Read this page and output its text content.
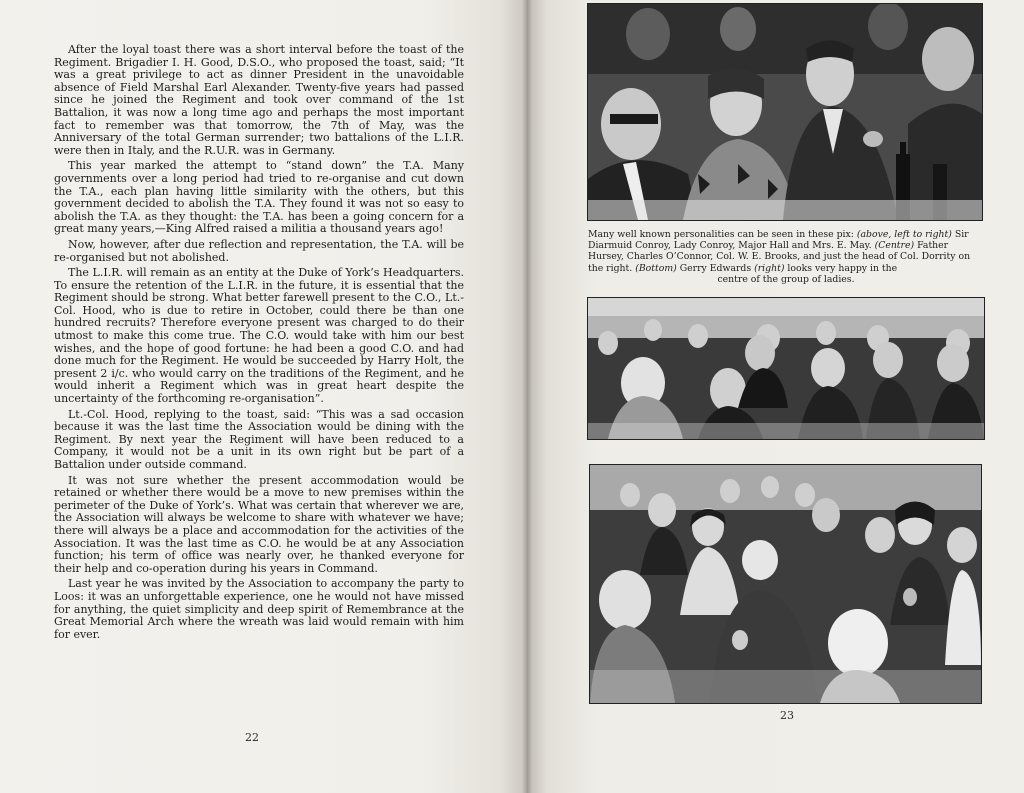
After the loyal toast there was a short interval before the toast of the Regiment. Brigadier I. H. Good, D.S.O., who proposed the toast, said; “It was a great privilege to act as dinner President in the unavoidable absence of Field Marshal Earl Alexander. Twenty-five years had passed since he joined the Regiment and took over command of the 1st Battalion, it was now a long time ago and perhaps the most important fact to remember was that tomorrow, the 7th of May, was the Anniversary of the total German surrender; two battalions of the L.I.R. were then in Italy, and the R.U.R. was in Germany.

This year marked the attempt to “stand down” the T.A. Many governments over a long period had tried to re-organise and cut down the T.A., each plan having little similarity with the others, but this government decided to abolish the T.A. They found it was not so easy to abolish the T.A. as they thought: the T.A. has been a going concern for a great many years,—King Alfred raised a militia a thousand years ago!

Now, however, after due reflection and representation, the T.A. will be re-organised but not abolished.

The L.I.R. will remain as an entity at the Duke of York’s Headquarters. To ensure the retention of the L.I.R. in the future, it is essential that the Regiment should be strong. What better farewell present to the C.O., Lt.-Col. Hood, who is due to retire in October, could there be than one hundred recruits? Therefore everyone present was charged to do their utmost to make this come true. The C.O. would take with him our best wishes, and the hope of good fortune: he had been a good C.O. and had done much for the Regiment. He would be succeeded by Harry Holt, the present 2 i/c. who would carry on the traditions of the Regiment, and he would inherit a Regiment which was in great heart despite the uncertainty of the forthcoming re-organisation”.

Lt.-Col. Hood, replying to the toast, said: “This was a sad occasion because it was the last time the Association would be dining with the Regiment. By next year the Regiment will have been reduced to a Company, it would not be a unit in its own right but be part of a Battalion under outside command.

It was not sure whether the present accommodation would be retained or whether there would be a move to new premises within the perimeter of the Duke of York’s. What was certain that wherever we are, the Association will always be welcome to share with whatever we have; there will always be a place and accommodation for the activities of the Association. It was the last time as C.O. he would be at any Association function; his term of office was nearly over, he thanked everyone for their help and co-operation during his years in Command.

Last year he was invited by the Association to accompany the party to Loos: it was an unforgettable experience, one he would not have missed for anything, the quiet simplicity and deep spirit of Remembrance at the Great Memorial Arch where the wreath was laid would remain with him for ever.

22
Many well known personalities can be seen in these pix: (above, left to right) Sir Diarmuid Conroy, Lady Conroy, Major Hall and Mrs. E. May. (Centre) Father Hursey, Charles O’Connor, Col. W. E. Brooks, and just the head of Col. Dorrity on the right. (Bottom) Gerry Edwards (right) looks very happy in the
centre of the group of ladies.
23
